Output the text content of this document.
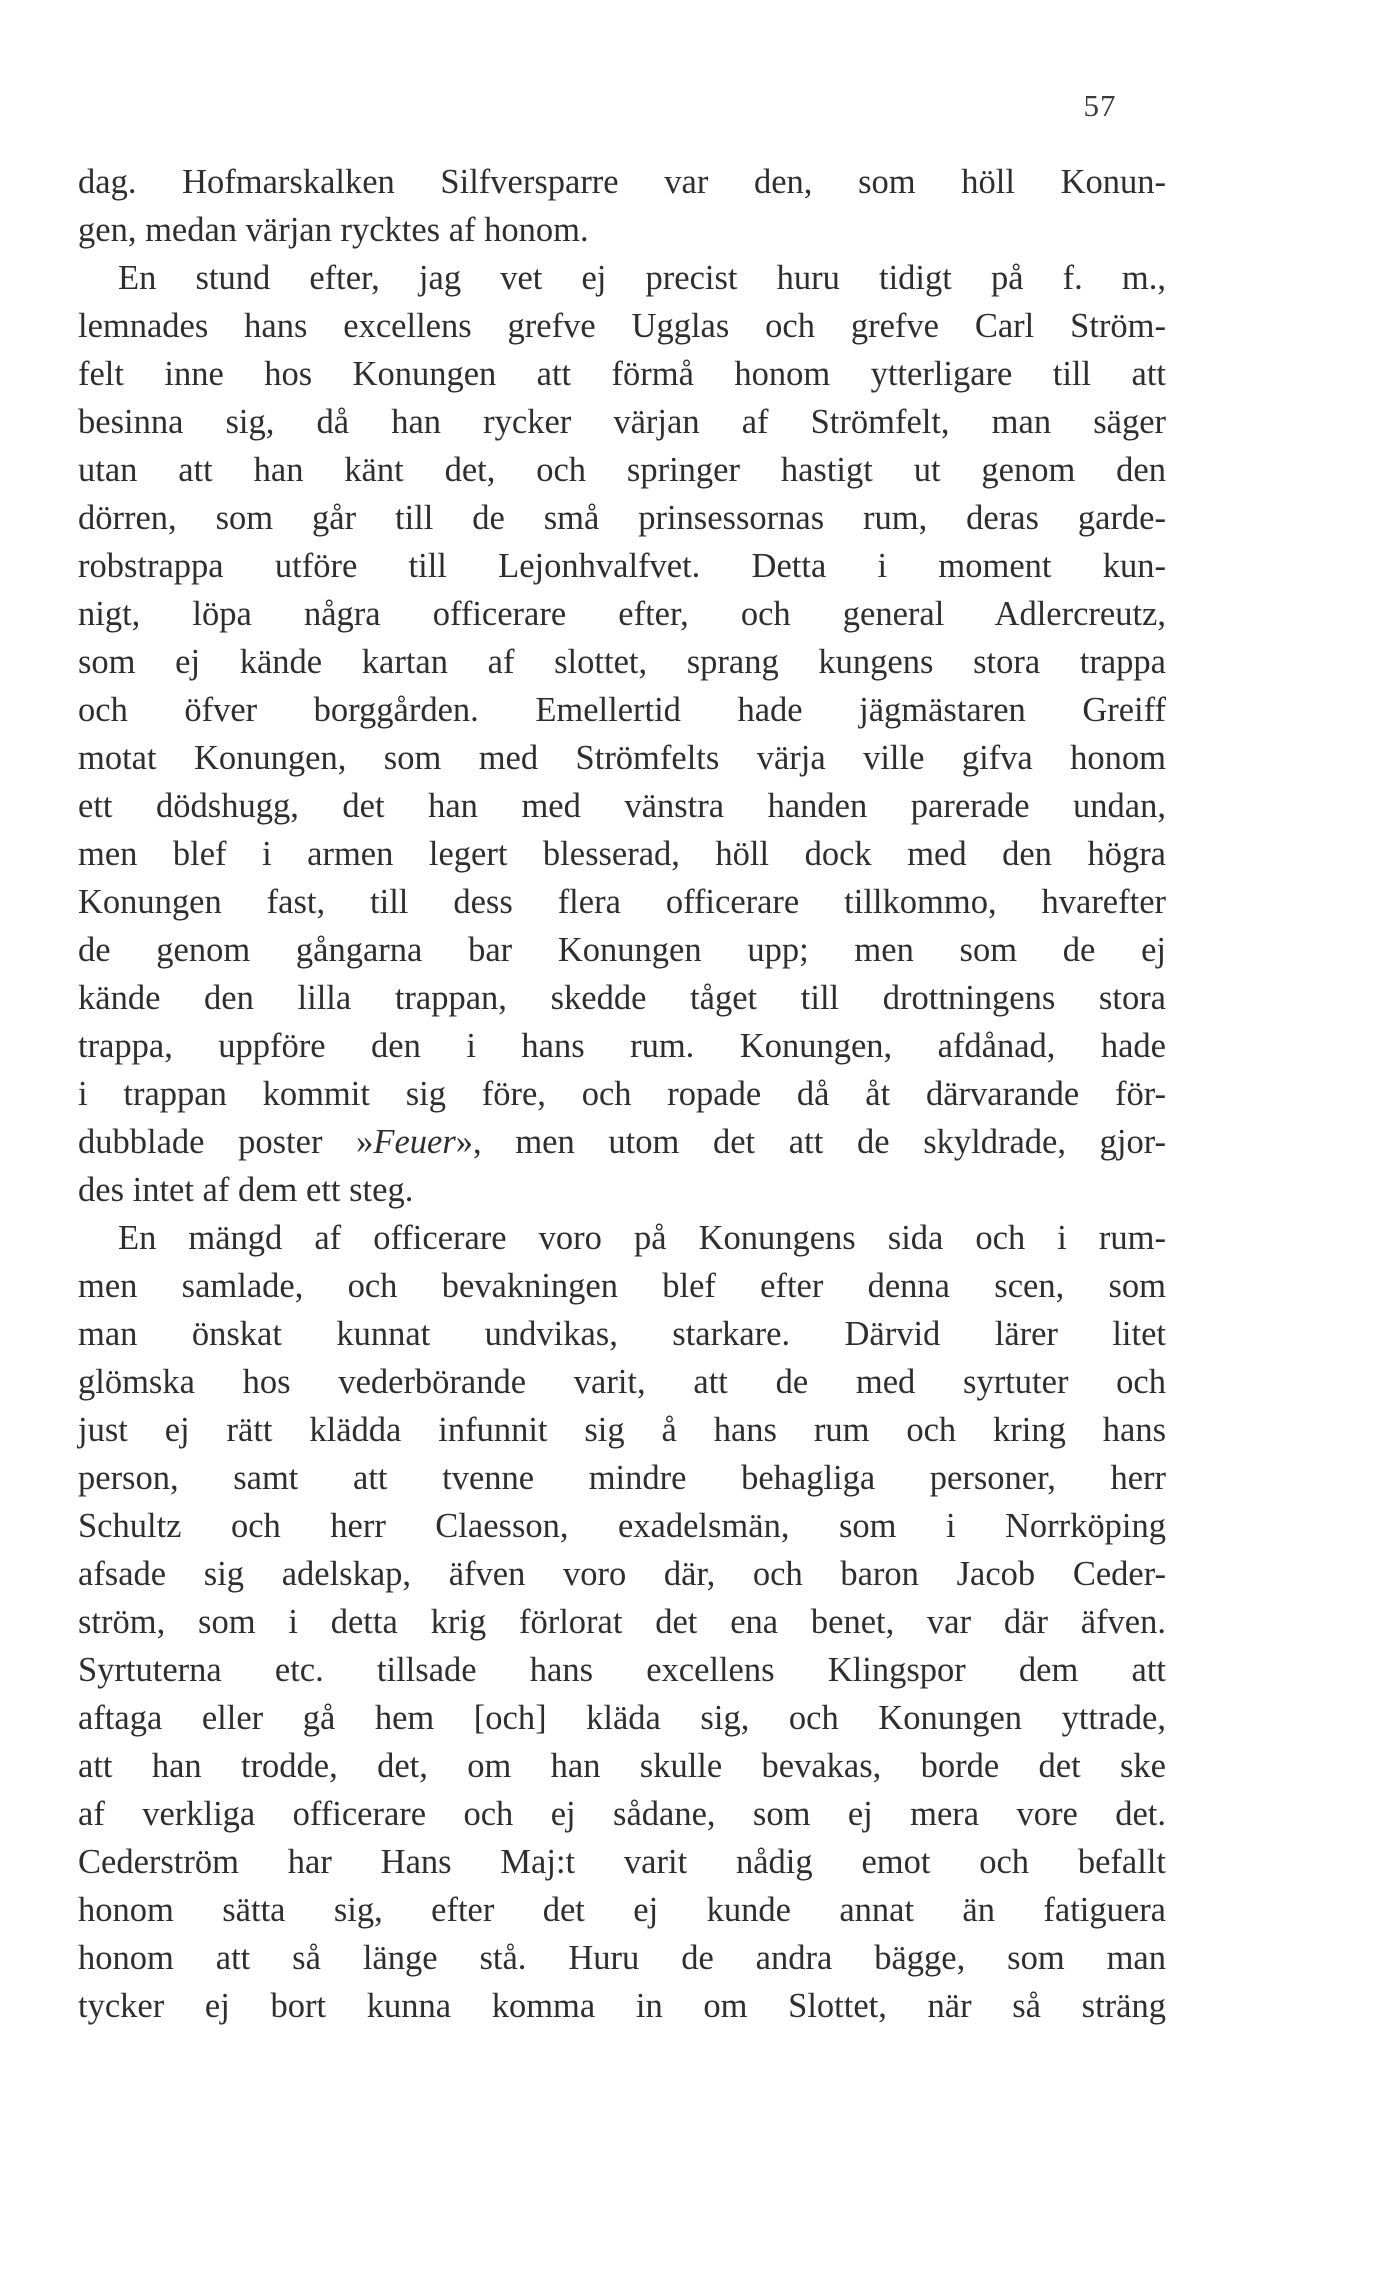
57
dag. Hofmarskalken Silfversparre var den, som höll Konun-
gen, medan värjan rycktes af honom.
En stund efter, jag vet ej precist huru tidigt på f. m.,
lemnades hans excellens grefve Ugglas och grefve Carl Ström-
felt inne hos Konungen att förmå honom ytterligare till att
besinna sig, då han rycker värjan af Strömfelt, man säger
utan att han känt det, och springer hastigt ut genom den
dörren, som går till de små prinsessornas rum, deras garde-
robstrappa utföre till Lejonhvalfvet. Detta i moment kun-
nigt, löpa några officerare efter, och general Adlercreutz,
som ej kände kartan af slottet, sprang kungens stora trappa
och öfver borggården. Emellertid hade jägmästaren Greiff
motat Konungen, som med Strömfelts värja ville gifva honom
ett dödshugg, det han med vänstra handen parerade undan,
men blef i armen legert blesserad, höll dock med den högra
Konungen fast, till dess flera officerare tillkommo, hvarefter
de genom gångarna bar Konungen upp; men som de ej
kände den lilla trappan, skedde tåget till drottningens stora
trappa, uppföre den i hans rum. Konungen, afdånad, hade
i trappan kommit sig före, och ropade då åt därvarande för-
dubblade poster »Feuer», men utom det att de skyldrade, gjor-
des intet af dem ett steg.
En mängd af officerare voro på Konungens sida och i rum-
men samlade, och bevakningen blef efter denna scen, som
man önskat kunnat undvikas, starkare. Därvid lärer litet
glömska hos vederbörande varit, att de med syrtuter och
just ej rätt klädda infunnit sig å hans rum och kring hans
person, samt att tvenne mindre behagliga personer, herr
Schultz och herr Claesson, exadelsmän, som i Norrköping
afsade sig adelskap, äfven voro där, och baron Jacob Ceder-
ström, som i detta krig förlorat det ena benet, var där äfven.
Syrtuterna etc. tillsade hans excellens Klingspor dem att
aftaga eller gå hem [och] kläda sig, och Konungen yttrade,
att han trodde, det, om han skulle bevakas, borde det ske
af verkliga officerare och ej sådane, som ej mera vore det.
Cederström har Hans Maj:t varit nådig emot och befallt
honom sätta sig, efter det ej kunde annat än fatiguera
honom att så länge stå. Huru de andra bägge, som man
tycker ej bort kunna komma in om Slottet, när så sträng
